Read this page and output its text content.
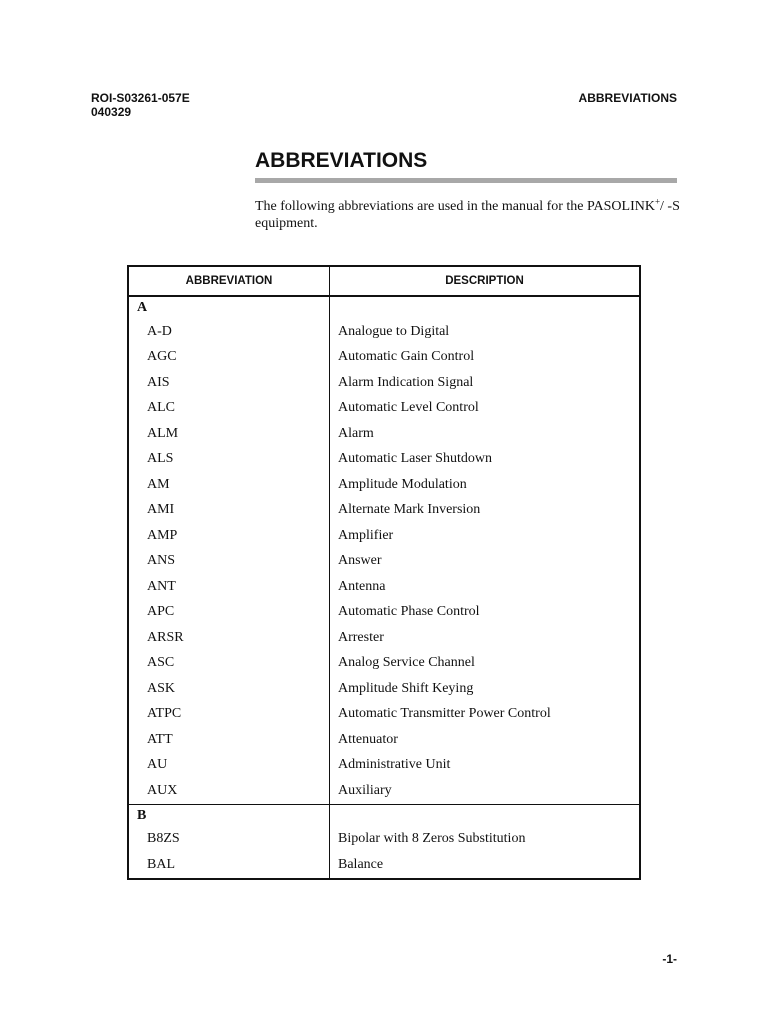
ROI-S03261-057E
040329
ABBREVIATIONS
ABBREVIATIONS

The following abbreviations are used in the manual for the PASOLINK+/ -S equipment.

ABBREVIATION	DESCRIPTION
A	
A-D	Analogue to Digital
AGC	Automatic Gain Control
AIS	Alarm Indication Signal
ALC	Automatic Level Control
ALM	Alarm
ALS	Automatic Laser Shutdown
AM	Amplitude Modulation
AMI	Alternate Mark Inversion
AMP	Amplifier
ANS	Answer
ANT	Antenna
APC	Automatic Phase Control
ARSR	Arrester
ASC	Analog Service Channel
ASK	Amplitude Shift Keying
ATPC	Automatic Transmitter Power Control
ATT	Attenuator
AU	Administrative Unit
AUX	Auxiliary
B	
B8ZS	Bipolar with 8 Zeros Substitution
BAL	Balance
-1-
